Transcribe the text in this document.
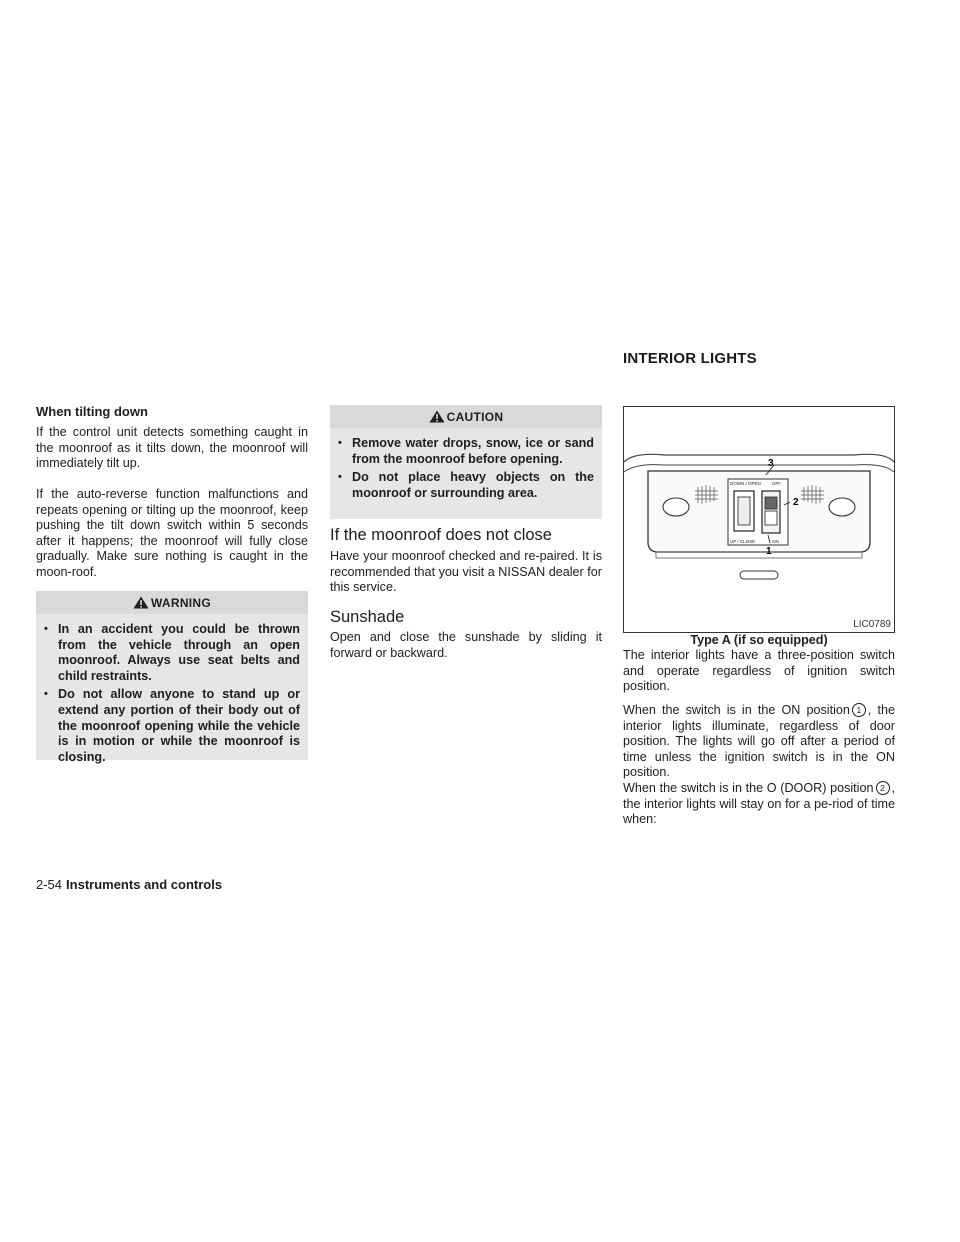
When tilting down

If the control unit detects something caught in the moonroof as it tilts down, the moonroof will immediately tilt up.

If the auto-reverse function malfunctions and repeats opening or tilting up the moonroof, keep pushing the tilt down switch within 5 seconds after it happens; the moonroof will fully close gradually. Make sure nothing is caught in the moon-roof.

WARNING
• In an accident you could be thrown from the vehicle through an open moonroof. Always use seat belts and child restraints.
• Do not allow anyone to stand up or extend any portion of their body out of the moonroof opening while the vehicle is in motion or while the moonroof is closing.
CAUTION
• Remove water drops, snow, ice or sand from the moonroof before opening.
• Do not place heavy objects on the moonroof or surrounding area.
If the moonroof does not close

Have your moonroof checked and re-paired. It is recommended that you visit a NISSAN dealer for this service.

Sunshade

Open and close the sunshade by sliding it forward or backward.

INTERIOR LIGHTS
DOWN / OPEN OFF
UP / CLOSE	ON
3
2
1
LIC0789
Type A (if so equipped)

The interior lights have a three-position switch and operate regardless of ignition switch position.

When the switch is in the ON position 1 , the interior lights illuminate, regardless of door position. The lights will go off after a period of time unless the ignition switch is in the ON position.

When the switch is in the O (DOOR) position 2 , the interior lights will stay on for a pe-riod of time when:

2-54 Instruments and controls
